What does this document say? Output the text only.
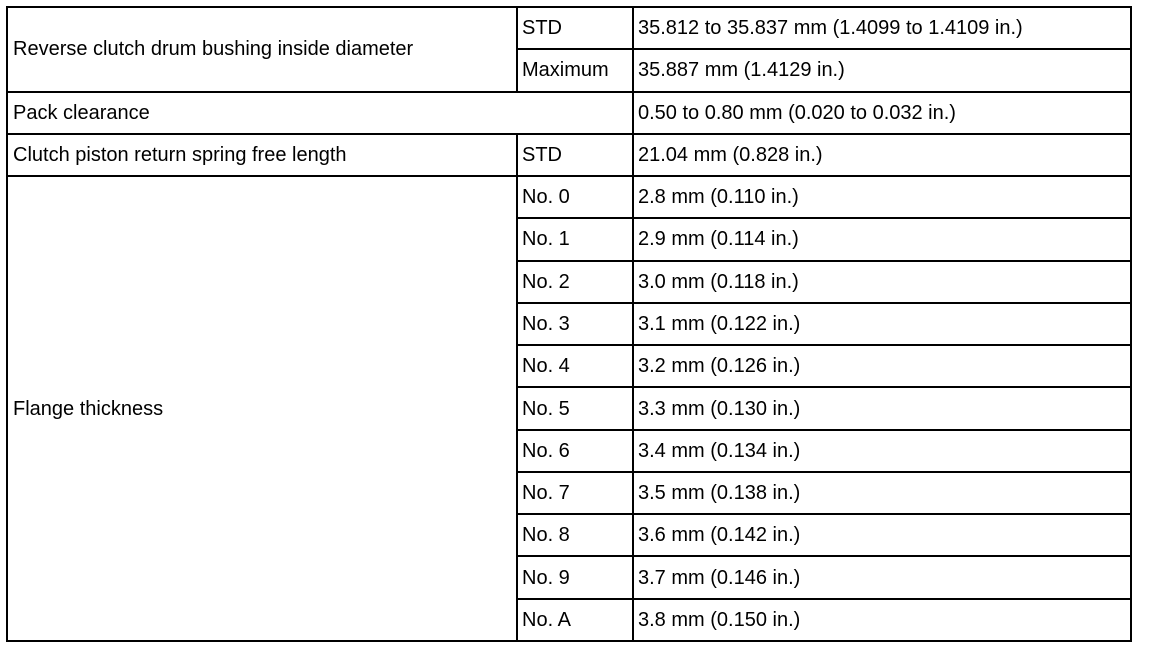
Reverse clutch drum bushing inside diameter	STD	35.812 to 35.837 mm (1.4099 to 1.4109 in.)
	Maximum	35.887 mm (1.4129 in.)
Pack clearance		0.50 to 0.80 mm (0.020 to 0.032 in.)
Clutch piston return spring free length	STD	21.04 mm (0.828 in.)
Flange thickness	No. 0	2.8 mm (0.110 in.)
	No. 1	2.9 mm (0.114 in.)
	No. 2	3.0 mm (0.118 in.)
	No. 3	3.1 mm (0.122 in.)
	No. 4	3.2 mm (0.126 in.)
	No. 5	3.3 mm (0.130 in.)
	No. 6	3.4 mm (0.134 in.)
	No. 7	3.5 mm (0.138 in.)
	No. 8	3.6 mm (0.142 in.)
	No. 9	3.7 mm (0.146 in.)
	No. A	3.8 mm (0.150 in.)
